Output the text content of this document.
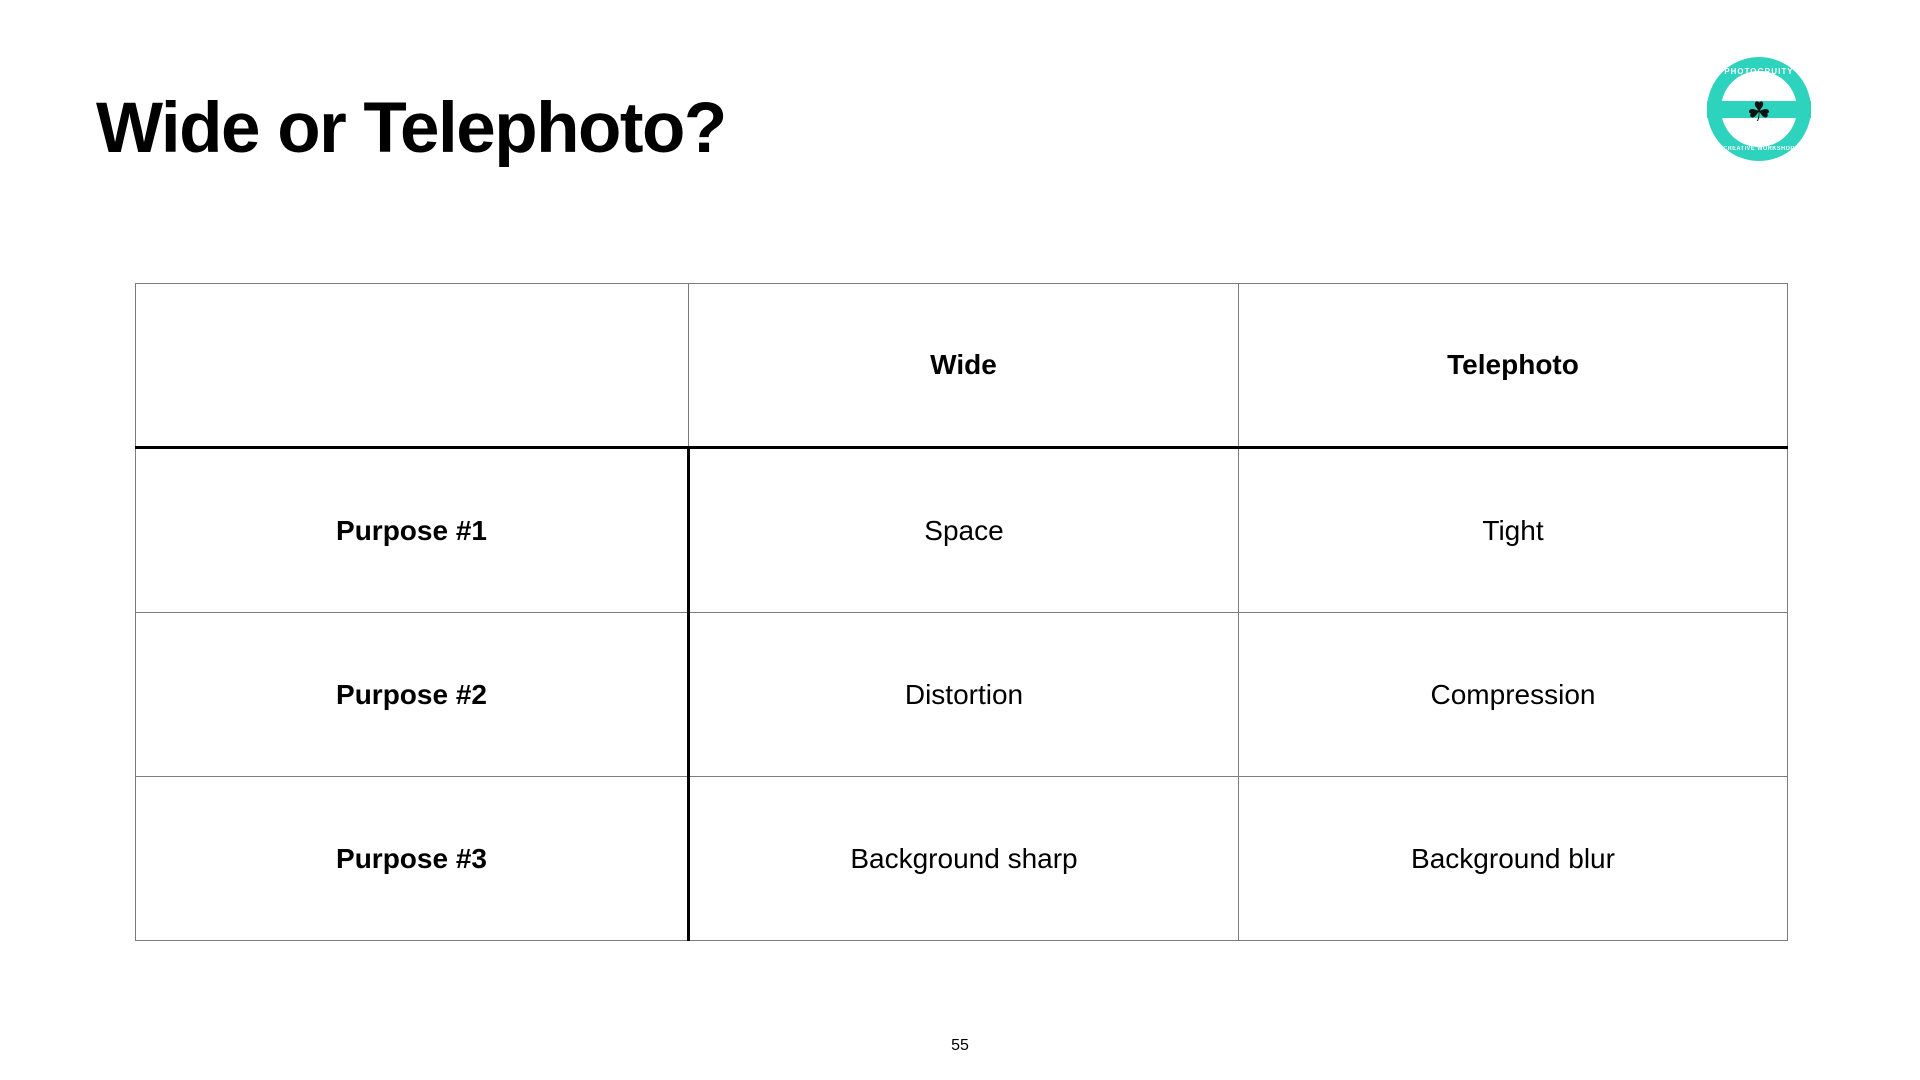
Wide or Telephoto?	☘
PHOTOGRUITY
CREATIVE WORKSHOP
	Wide	Telephoto
Purpose #1	Space	Tight
Purpose #2	Distortion	Compression
Purpose #3	Background sharp	Background blur
55
